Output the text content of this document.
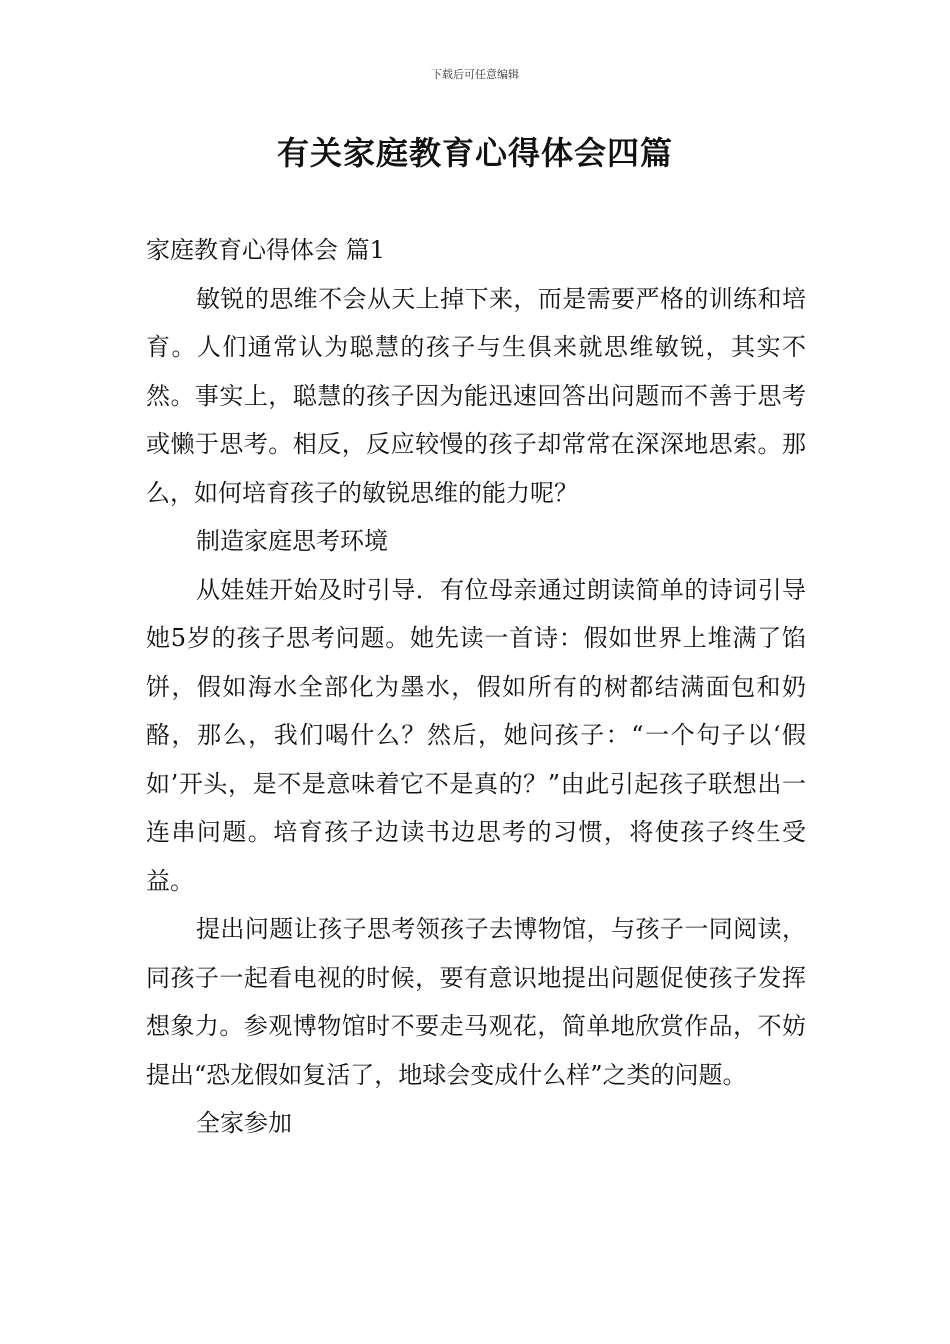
下载后可任意编辑
有关家庭教育心得体会四篇

家庭教育心得体会 篇1

敏锐的思维不会从天上掉下来，而是需要严格的训练和培育。人们通常认为聪慧的孩子与生俱来就思维敏锐，其实不然。事实上，聪慧的孩子因为能迅速回答出问题而不善于思考或懒于思考。相反，反应较慢的孩子却常常在深深地思索。那么，如何培育孩子的敏锐思维的能力呢？

制造家庭思考环境

从娃娃开始及时引导．有位母亲通过朗读简单的诗词引导她5岁的孩子思考问题。她先读一首诗：假如世界上堆满了馅饼，假如海水全部化为墨水，假如所有的树都结满面包和奶酪，那么，我们喝什么？然后，她问孩子：“一个句子以‘假如’开头，是不是意味着它不是真的？”由此引起孩子联想出一连串问题。培育孩子边读书边思考的习惯，将使孩子终生受益。

提出问题让孩子思考领孩子去博物馆，与孩子一同阅读，同孩子一起看电视的时候，要有意识地提出问题促使孩子发挥想象力。参观博物馆时不要走马观花，简单地欣赏作品，不妨提出“恐龙假如复活了，地球会变成什么样”之类的问题。

全家参加
